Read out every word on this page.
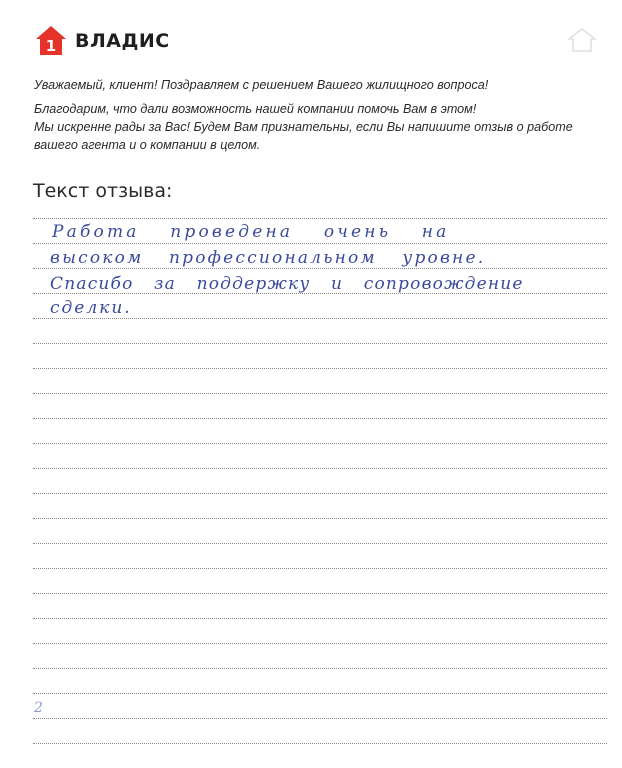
1 ВЛАДИС

Уважаемый, клиент! Поздравляем с решением Вашего жилищного вопроса!

Благодарим, что дали возможность нашей компании помочь Вам в этом!

Мы искренне рады за Вас! Будем Вам признательны, если Вы напишите отзыв о работе

вашего агента и о компании в целом.

Текст отзыва:
Работа проведена очень на
высоком профессиональном уровне.
Спасибо за поддержку и сопровождение
сделки.
2
